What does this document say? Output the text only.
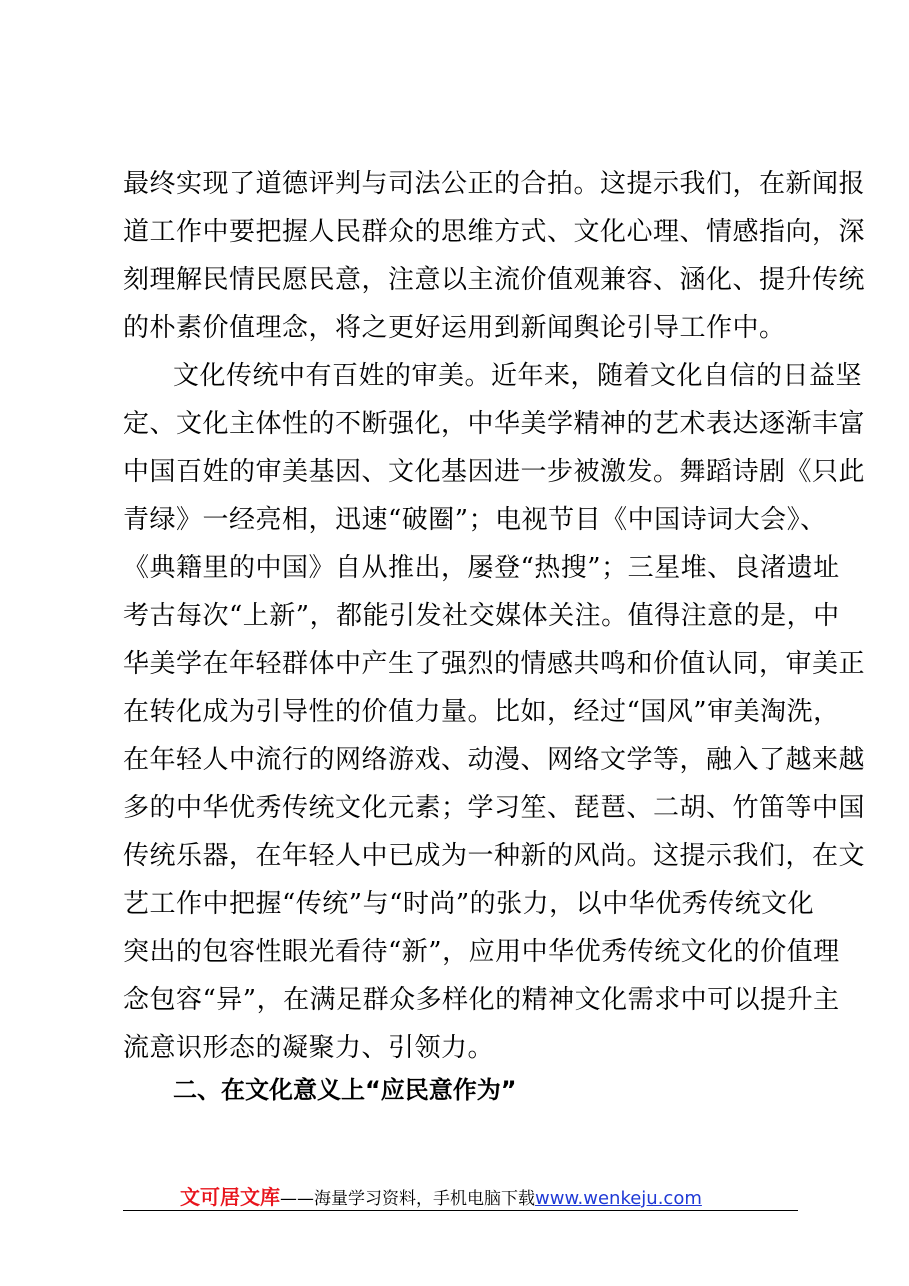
最终实现了道德评判与司法公正的合拍。这提示我们，在新闻报
道工作中要把握人民群众的思维方式、文化心理、情感指向，深
刻理解民情民愿民意，注意以主流价值观兼容、涵化、提升传统
的朴素价值理念，将之更好运用到新闻舆论引导工作中。
文化传统中有百姓的审美。近年来，随着文化自信的日益坚
定、文化主体性的不断强化，中华美学精神的艺术表达逐渐丰富
中国百姓的审美基因、文化基因进一步被激发。舞蹈诗剧《只此
青绿》一经亮相，迅速“破圈”；电视节目《中国诗词大会》、
《典籍里的中国》自从推出，屡登“热搜”；三星堆、良渚遗址
考古每次“上新”，都能引发社交媒体关注。值得注意的是，中
华美学在年轻群体中产生了强烈的情感共鸣和价值认同，审美正
在转化成为引导性的价值力量。比如，经过“国风”审美淘洗，
在年轻人中流行的网络游戏、动漫、网络文学等，融入了越来越
多的中华优秀传统文化元素；学习笙、琵琶、二胡、竹笛等中国
传统乐器，在年轻人中已成为一种新的风尚。这提示我们，在文
艺工作中把握“传统”与“时尚”的张力，以中华优秀传统文化
突出的包容性眼光看待“新”，应用中华优秀传统文化的价值理
念包容“异”，在满足群众多样化的精神文化需求中可以提升主
流意识形态的凝聚力、引领力。
二、在文化意义上“应民意作为”
文可居文库——海量学习资料，手机电脑下载www.wenkeju.com
